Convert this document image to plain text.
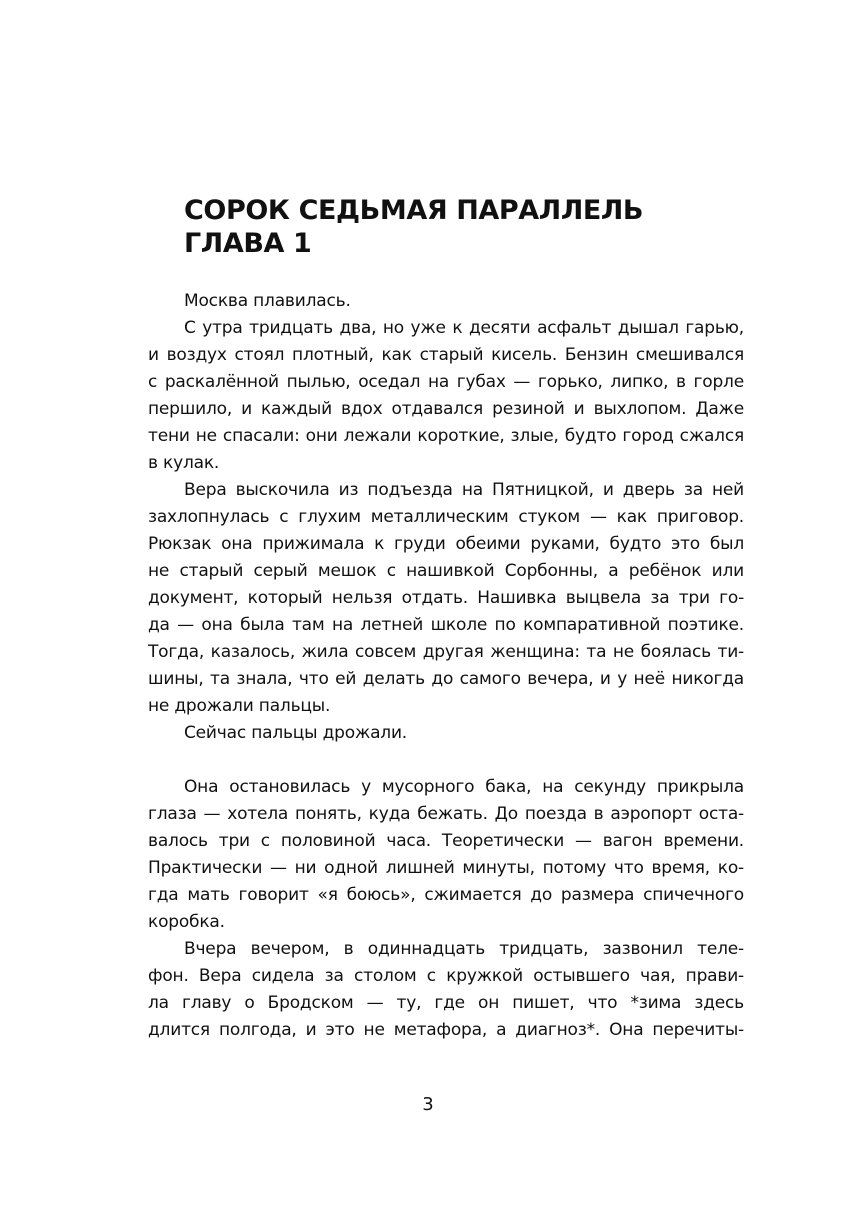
СОРОК СЕДЬМАЯ ПАРАЛЛЕЛЬ
ГЛАВА 1
Москва плавилась.
С утра тридцать два, но уже к десяти асфальт дышал гарью,
и воздух стоял плотный, как старый кисель. Бензин смешивался
с раскалённой пылью, оседал на губах — горько, липко, в горле
першило, и каждый вдох отдавался резиной и выхлопом. Даже
тени не спасали: они лежали короткие, злые, будто город сжался
в кулак.
Вера выскочила из подъезда на Пятницкой, и дверь за ней
захлопнулась с глухим металлическим стуком — как приговор.
Рюкзак она прижимала к груди обеими руками, будто это был
не старый серый мешок с нашивкой Сорбонны, а ребёнок или
документ, который нельзя отдать. Нашивка выцвела за три го-
да — она была там на летней школе по компаративной поэтике.
Тогда, казалось, жила совсем другая женщина: та не боялась ти-
шины, та знала, что ей делать до самого вечера, и у неё никогда
не дрожали пальцы.
Сейчас пальцы дрожали.
Она остановилась у мусорного бака, на секунду прикрыла
глаза — хотела понять, куда бежать. До поезда в аэропорт оста-
валось три с половиной часа. Теоретически — вагон времени.
Практически — ни одной лишней минуты, потому что время, ко-
гда мать говорит «я боюсь», сжимается до размера спичечного
коробка.
Вчера вечером, в одиннадцать тридцать, зазвонил теле-
фон. Вера сидела за столом с кружкой остывшего чая, прави-
ла главу о Бродском — ту, где он пишет, что *зима здесь
длится полгода, и это не метафора, а диагноз*. Она перечиты-
3
